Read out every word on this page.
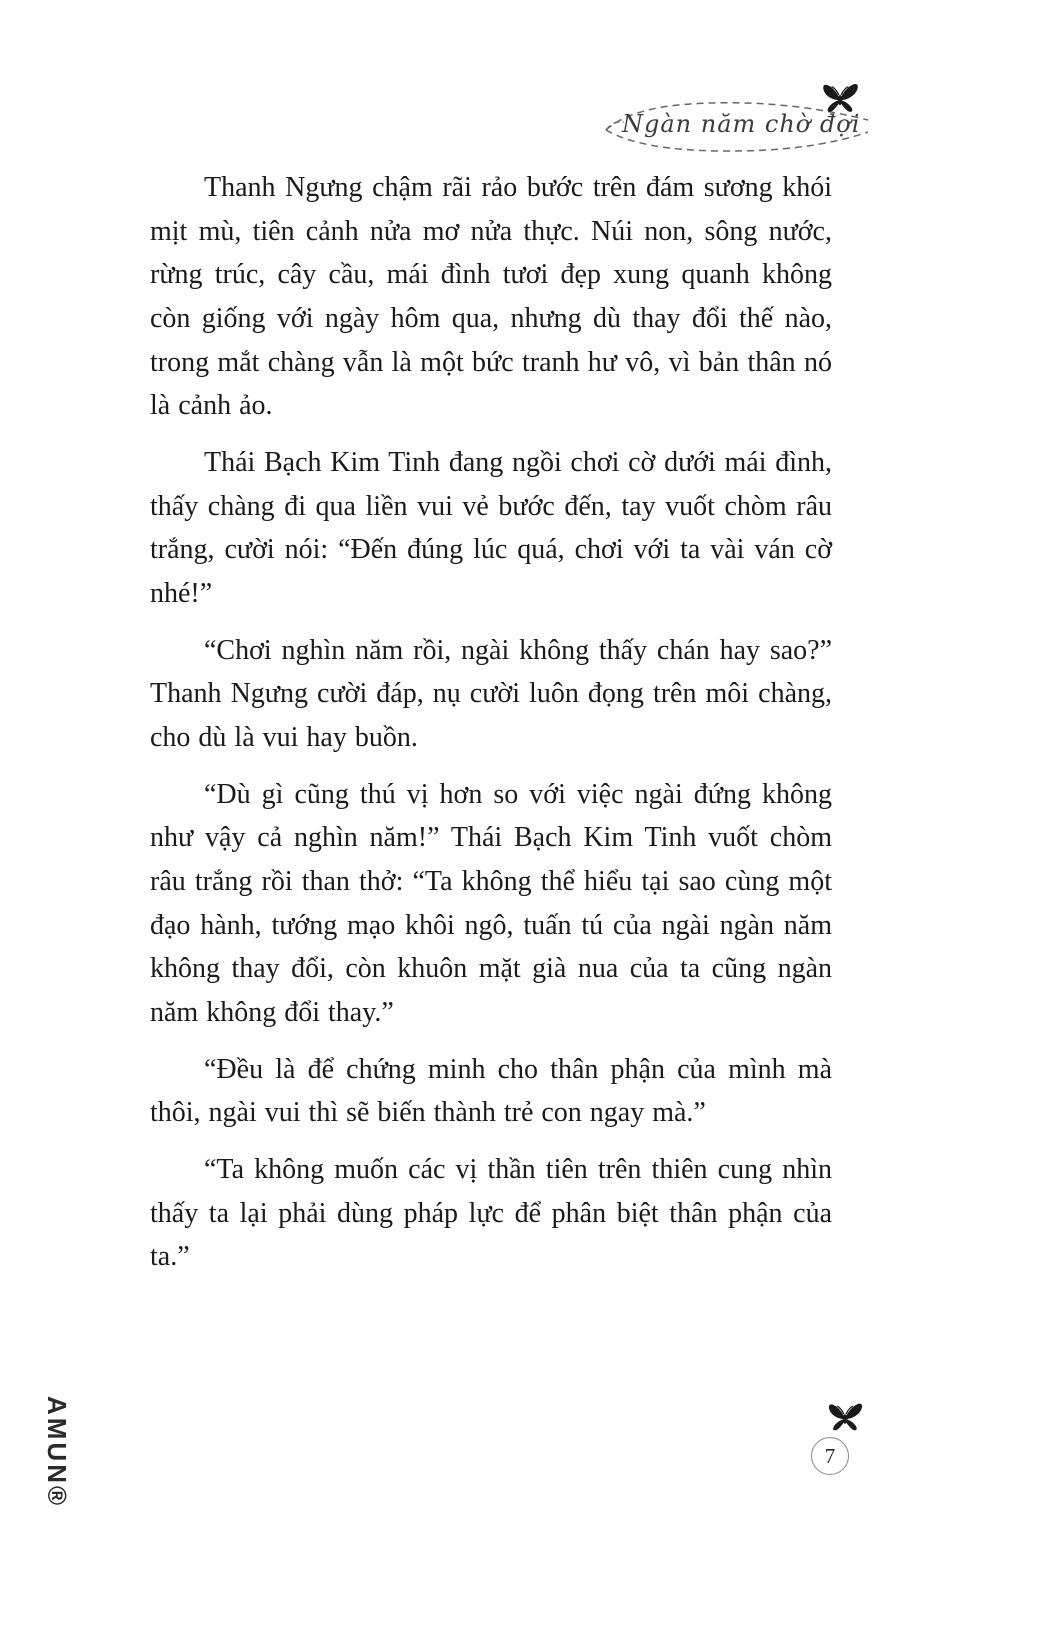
Ngàn năm chờ đợi

Thanh Ngưng chậm rãi rảo bước trên đám sương khói mịt mù, tiên cảnh nửa mơ nửa thực. Núi non, sông nước, rừng trúc, cây cầu, mái đình tươi đẹp xung quanh không còn giống với ngày hôm qua, nhưng dù thay đổi thế nào, trong mắt chàng vẫn là một bức tranh hư vô, vì bản thân nó là cảnh ảo.

Thái Bạch Kim Tinh đang ngồi chơi cờ dưới mái đình, thấy chàng đi qua liền vui vẻ bước đến, tay vuốt chòm râu trắng, cười nói: “Đến đúng lúc quá, chơi với ta vài ván cờ nhé!”

“Chơi nghìn năm rồi, ngài không thấy chán hay sao?” Thanh Ngưng cười đáp, nụ cười luôn đọng trên môi chàng, cho dù là vui hay buồn.

“Dù gì cũng thú vị hơn so với việc ngài đứng không như vậy cả nghìn năm!” Thái Bạch Kim Tinh vuốt chòm râu trắng rồi than thở: “Ta không thể hiểu tại sao cùng một đạo hành, tướng mạo khôi ngô, tuấn tú của ngài ngàn năm không thay đổi, còn khuôn mặt già nua của ta cũng ngàn năm không đổi thay.”

“Đều là để chứng minh cho thân phận của mình mà thôi, ngài vui thì sẽ biến thành trẻ con ngay mà.”

“Ta không muốn các vị thần tiên trên thiên cung nhìn thấy ta lại phải dùng pháp lực để phân biệt thân phận của ta.”

7
AMUN®
